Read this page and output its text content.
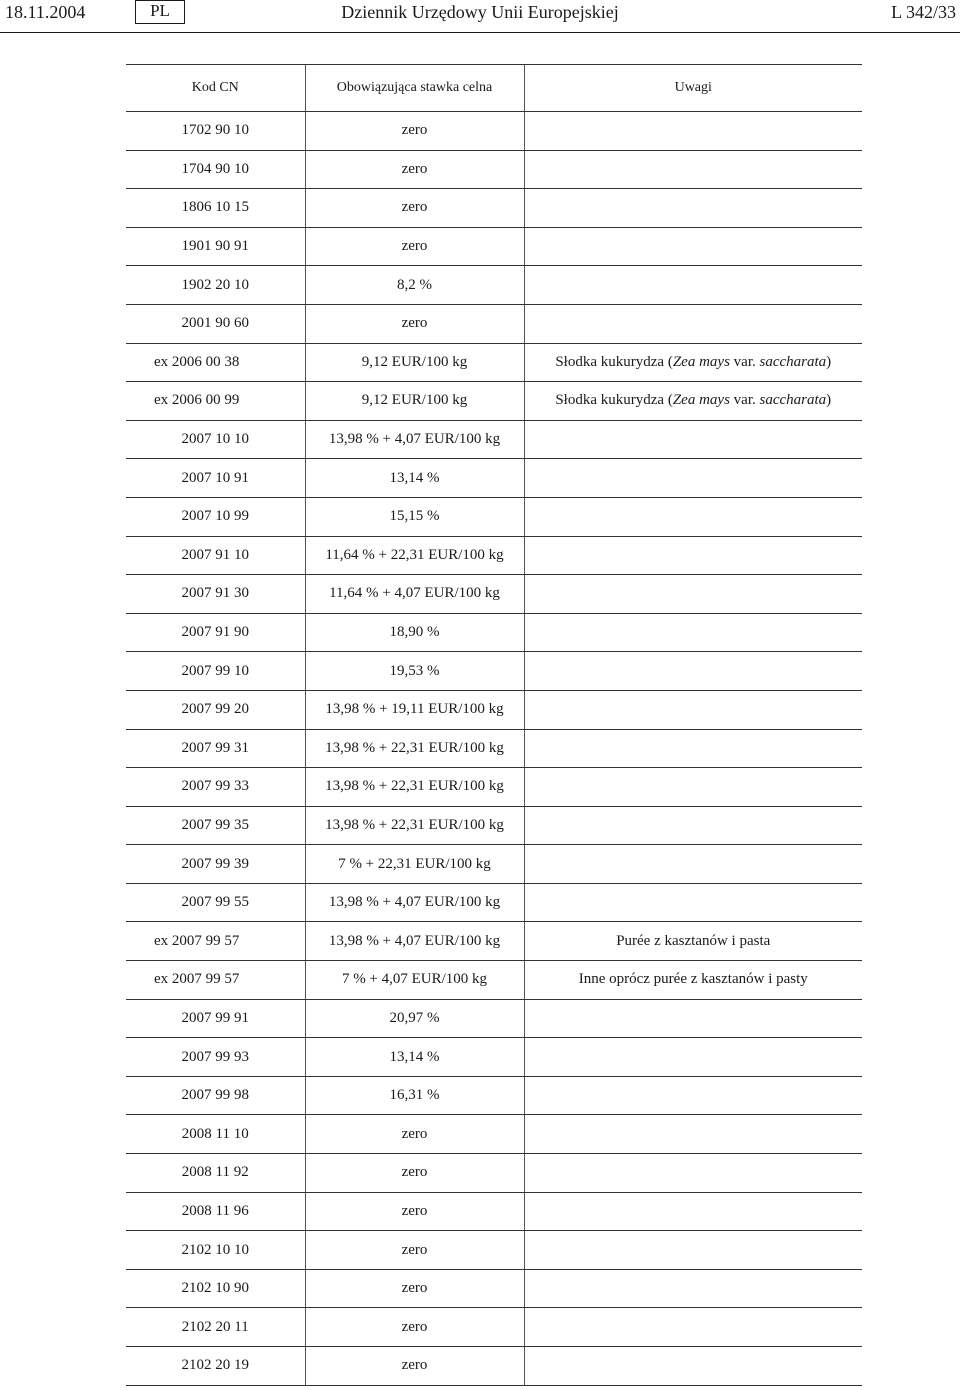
18.11.2004	PL	Dziennik Urzędowy Unii Europejskiej	L 342/33
Kod CN	Obowiązująca stawka celna	Uwagi
1702 90 10	zero	
1704 90 10	zero	
1806 10 15	zero	
1901 90 91	zero	
1902 20 10	8,2 %	
2001 90 60	zero	
ex 2006 00 38	9,12 EUR/100 kg	Słodka kukurydza (Zea mays var. saccharata)
ex 2006 00 99	9,12 EUR/100 kg	Słodka kukurydza (Zea mays var. saccharata)
2007 10 10	13,98 % + 4,07 EUR/100 kg	
2007 10 91	13,14 %	
2007 10 99	15,15 %	
2007 91 10	11,64 % + 22,31 EUR/100 kg	
2007 91 30	11,64 % + 4,07 EUR/100 kg	
2007 91 90	18,90 %	
2007 99 10	19,53 %	
2007 99 20	13,98 % + 19,11 EUR/100 kg	
2007 99 31	13,98 % + 22,31 EUR/100 kg	
2007 99 33	13,98 % + 22,31 EUR/100 kg	
2007 99 35	13,98 % + 22,31 EUR/100 kg	
2007 99 39	7 % + 22,31 EUR/100 kg	
2007 99 55	13,98 % + 4,07 EUR/100 kg	
ex 2007 99 57	13,98 % + 4,07 EUR/100 kg	Purée z kasztanów i pasta
ex 2007 99 57	7 % + 4,07 EUR/100 kg	Inne oprócz purée z kasztanów i pasty
2007 99 91	20,97 %	
2007 99 93	13,14 %	
2007 99 98	16,31 %	
2008 11 10	zero	
2008 11 92	zero	
2008 11 96	zero	
2102 10 10	zero	
2102 10 90	zero	
2102 20 11	zero	
2102 20 19	zero	
